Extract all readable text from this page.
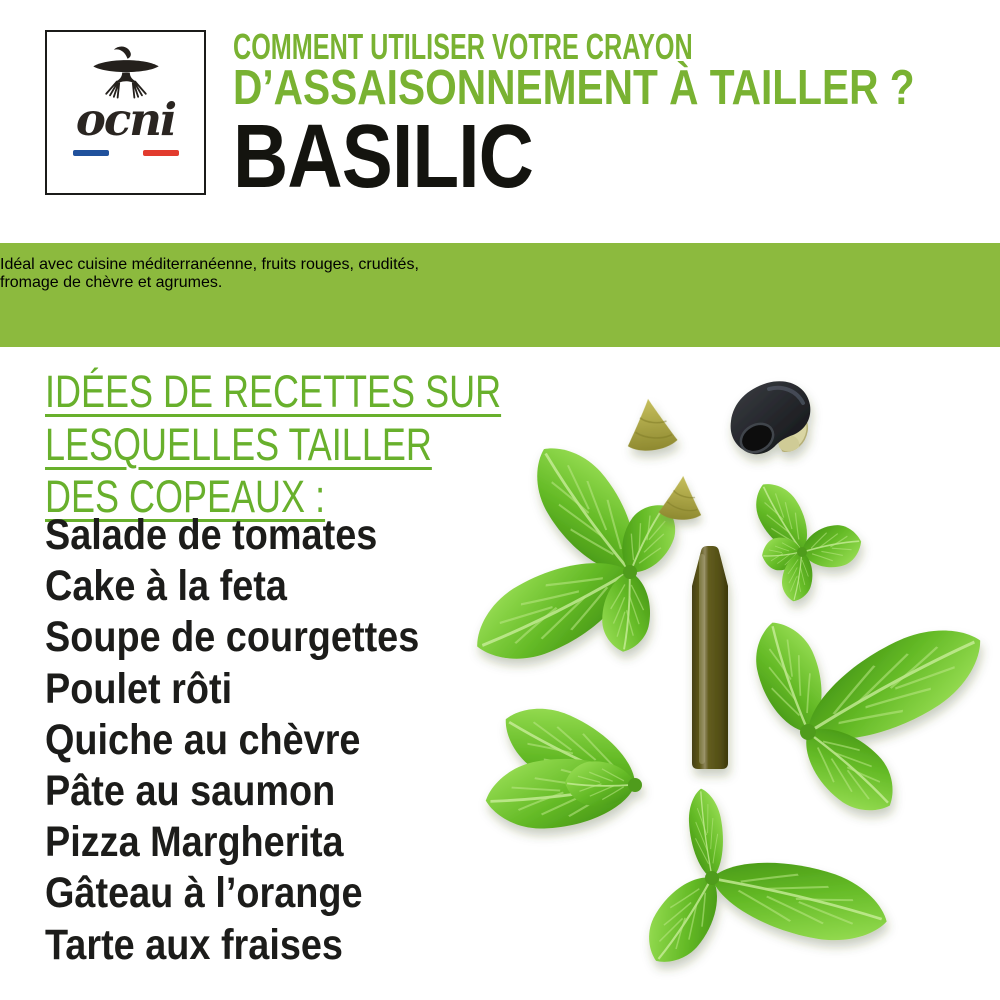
ocni
COMMENT UTILISER VOTRE CRAYON
D’ASSAISONNEMENT À TAILLER ?
BASILIC

Idéal avec cuisine méditerranéenne, fruits rouges, crudités,
fromage de chèvre et agrumes.

IDÉES DE RECETTES SUR
LESQUELLES TAILLER
DES COPEAUX :
Salade de tomates
Cake à la feta
Soupe de courgettes
Poulet rôti
Quiche au chèvre
Pâte au saumon
Pizza Margherita
Gâteau à l’orange
Tarte aux fraises
